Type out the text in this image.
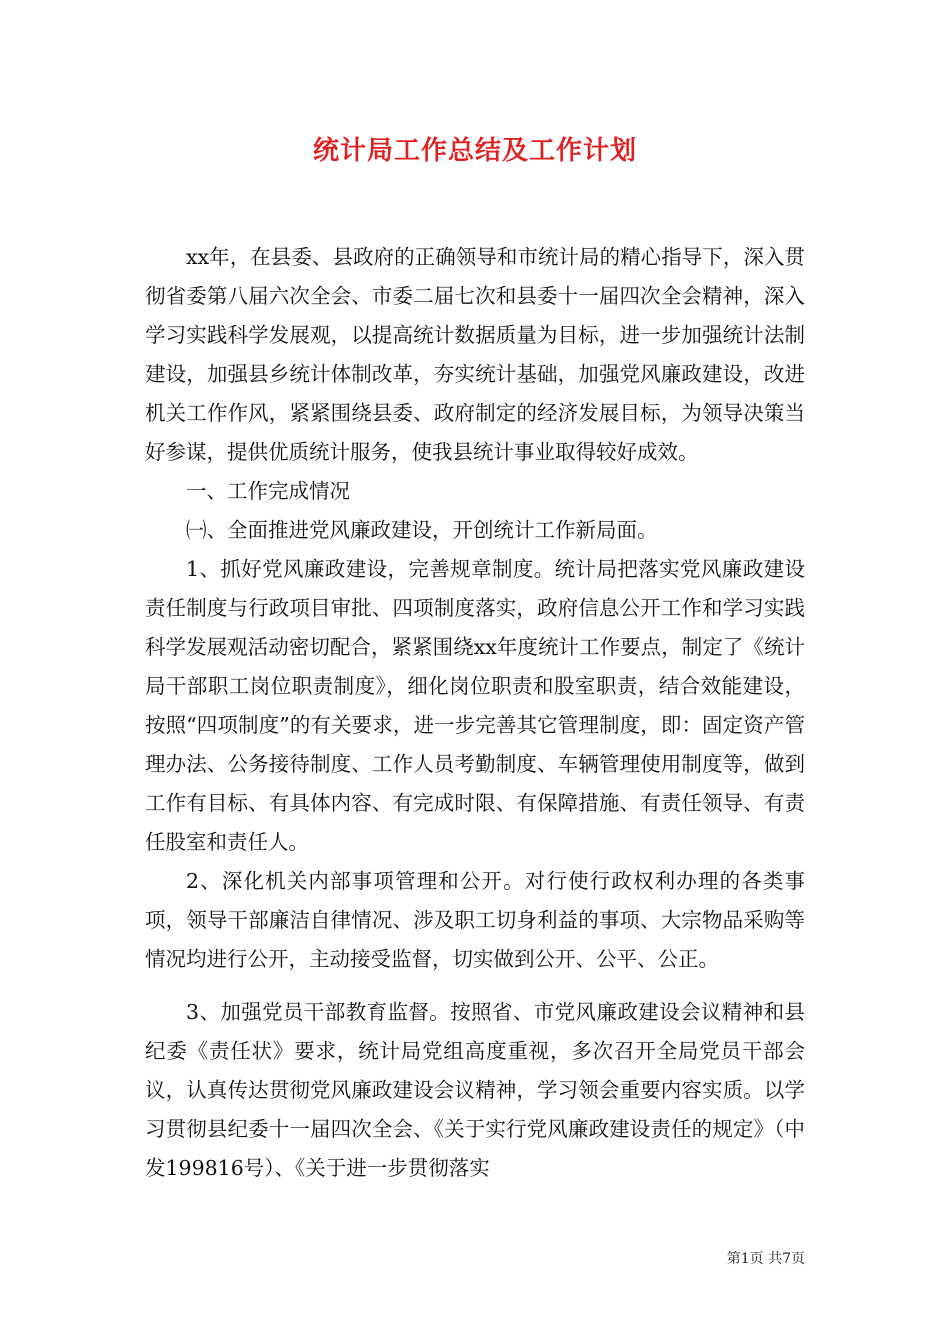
统计局工作总结及工作计划

xx年，在县委、县政府的正确领导和市统计局的精心指导下，深入贯彻省委第八届六次全会、市委二届七次和县委十一届四次全会精神，深入学习实践科学发展观，以提高统计数据质量为目标，进一步加强统计法制建设，加强县乡统计体制改革，夯实统计基础，加强党风廉政建设，改进机关工作作风，紧紧围绕县委、政府制定的经济发展目标，为领导决策当好参谋，提供优质统计服务，使我县统计事业取得较好成效。

一、工作完成情况

㈠、全面推进党风廉政建设，开创统计工作新局面。

1、抓好党风廉政建设，完善规章制度。统计局把落实党风廉政建设责任制度与行政项目审批、四项制度落实，政府信息公开工作和学习实践科学发展观活动密切配合，紧紧围绕xx年度统计工作要点，制定了《统计局干部职工岗位职责制度》，细化岗位职责和股室职责，结合效能建设，按照“四项制度”的有关要求，进一步完善其它管理制度，即：固定资产管理办法、公务接待制度、工作人员考勤制度、车辆管理使用制度等，做到工作有目标、有具体内容、有完成时限、有保障措施、有责任领导、有责任股室和责任人。

2、深化机关内部事项管理和公开。对行使行政权利办理的各类事项，领导干部廉洁自律情况、涉及职工切身利益的事项、大宗物品采购等情况均进行公开，主动接受监督，切实做到公开、公平、公正。

3、加强党员干部教育监督。按照省、市党风廉政建设会议精神和县纪委《责任状》要求，统计局党组高度重视，多次召开全局党员干部会议，认真传达贯彻党风廉政建设会议精神，学习领会重要内容实质。以学习贯彻县纪委十一届四次全会、《关于实行党风廉政建设责任的规定》（中发199816号）、《关于进一步贯彻落实

第1页 共7页
